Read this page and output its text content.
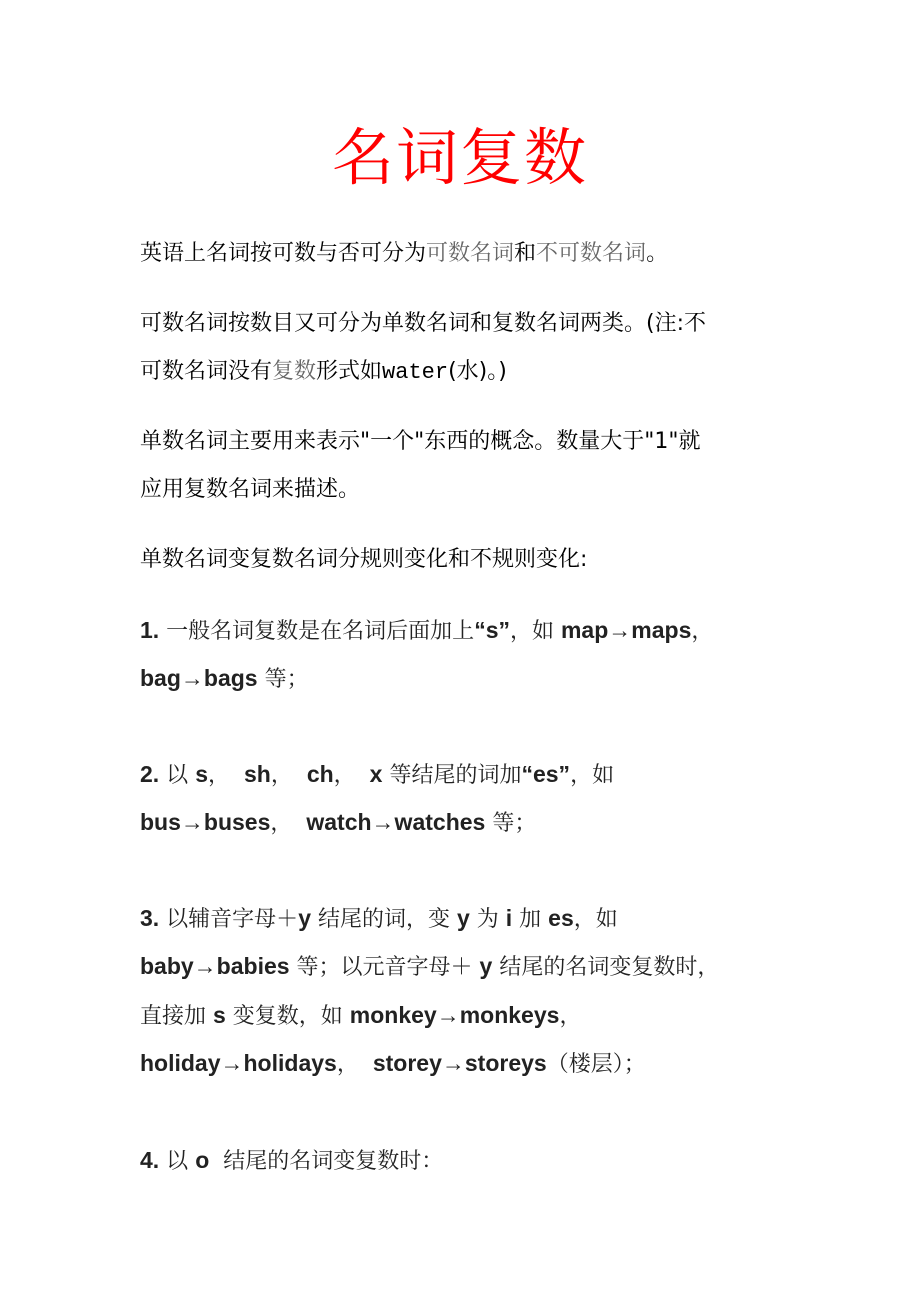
名词复数
英语上名词按可数与否可分为可数名词和不可数名词。
可数名词按数目又可分为单数名词和复数名词两类。(注:不
可数名词没有复数形式如water(水)。)
单数名词主要用来表示"一个"东西的概念。数量大于"1"就
应用复数名词来描述。
单数名词变复数名词分规则变化和不规则变化:
1. 一般名词复数是在名词后面加上“s”，如 map→maps，
bag→bags 等；
2. 以 s，  sh，  ch，  x 等结尾的词加“es”，如
bus→buses，  watch→watches 等；
3. 以辅音字母＋y 结尾的词，变 y 为 i 加 es，如
baby→babies 等；以元音字母＋ y 结尾的名词变复数时，
直接加 s 变复数，如 monkey→monkeys，
holiday→holidays，  storey→storeys（楼层）；
4. 以 o  结尾的名词变复数时：
